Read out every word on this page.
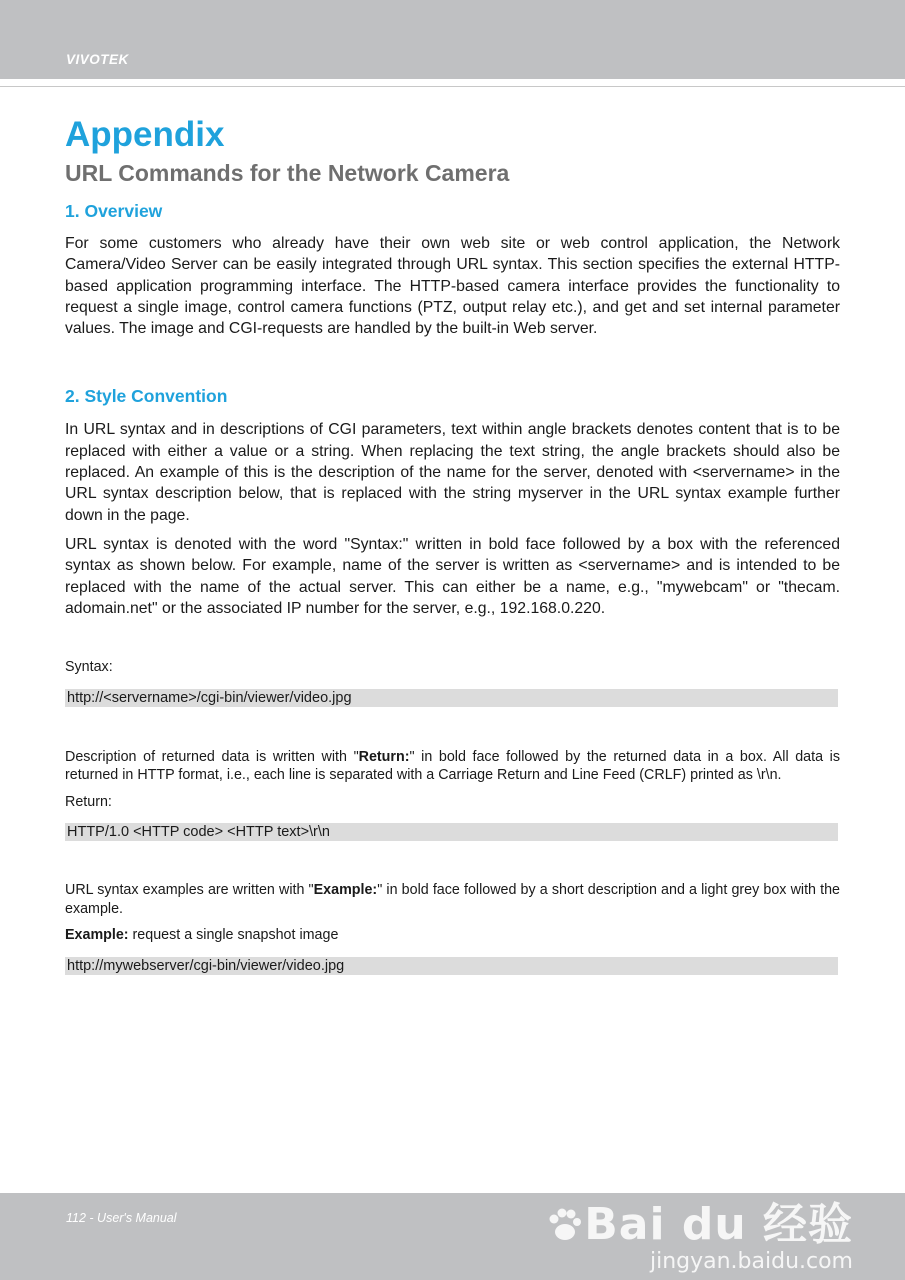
VIVOTEK
Appendix
URL Commands for the Network Camera
1. Overview

For some customers who already have their own web site or web control application, the Network Camera/Video Server can be easily integrated through URL syntax. This section specifies the external HTTP-based application programming interface. The HTTP-based camera interface provides the functionality to request a single image, control camera functions (PTZ, output relay etc.), and get and set internal parameter values. The image and CGI-requests are handled by the built-in Web server.

2. Style Convention

In URL syntax and in descriptions of CGI parameters, text within angle brackets denotes content that is to be replaced with either a value or a string. When replacing the text string, the angle brackets should also be replaced. An example of this is the description of the name for the server, denoted with <servername> in the URL syntax description below, that is replaced with the string myserver in the URL syntax example further down in the page.

URL syntax is denoted with the word "Syntax:" written in bold face followed by a box with the referenced syntax as shown below. For example, name of the server is written as <servername> and is intended to be replaced with the name of the actual server. This can either be a name, e.g., "mywebcam" or "thecam. adomain.net" or the associated IP number for the server, e.g., 192.168.0.220.

Syntax:

http://<servername>/cgi-bin/viewer/video.jpg

Description of returned data is written with "Return:" in bold face followed by the returned data in a box. All data is returned in HTTP format, i.e., each line is separated with a Carriage Return and Line Feed (CRLF) printed as \r\n.

Return:

HTTP/1.0 <HTTP code> <HTTP text>\r\n

URL syntax examples are written with "Example:" in bold face followed by a short description and a light grey box with the example.

Example: request a single snapshot image

http://mywebserver/cgi-bin/viewer/video.jpg
112 - User's Manual	Bai du 经验
jingyan.baidu.com
